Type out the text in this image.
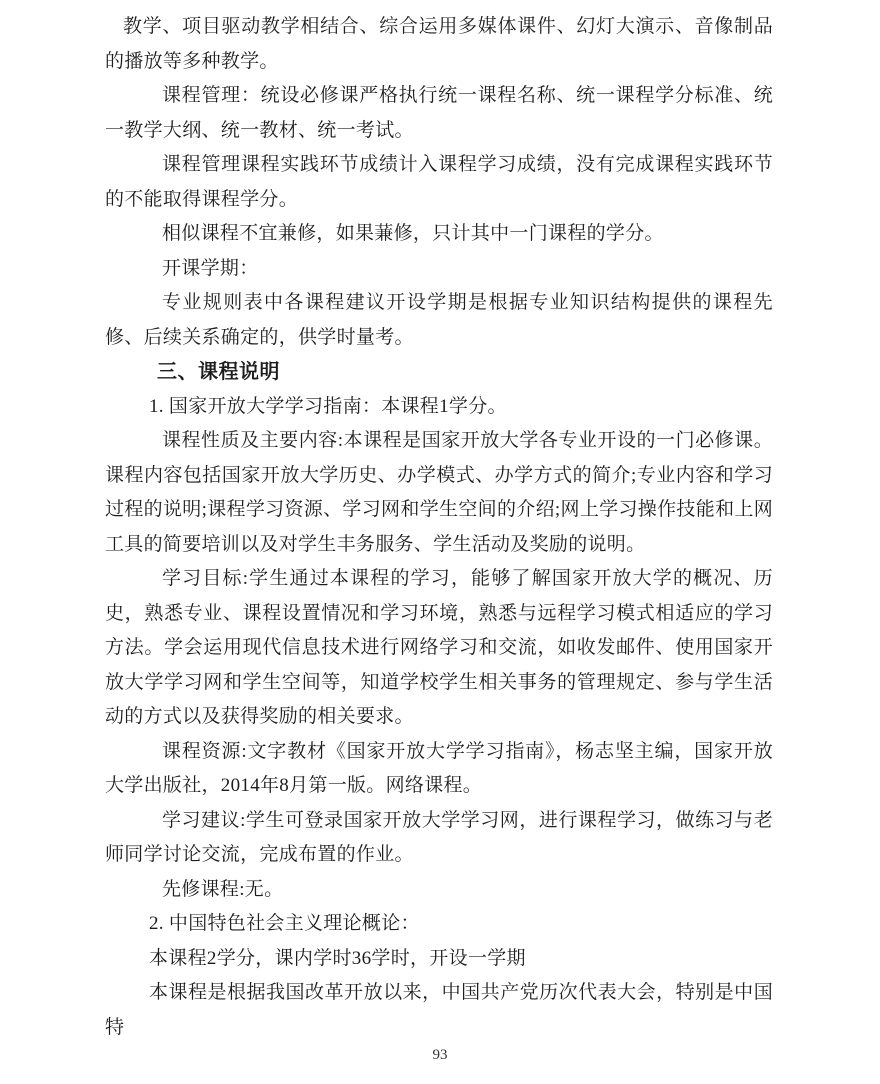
教学、项目驱动教学相结合、综合运用多媒体课件、幻灯大演示、音像制品的播放等多种教学。

课程管理：统设必修课严格执行统一课程名称、统一课程学分标准、统一教学大纲、统一教材、统一考试。

课程管理课程实践环节成绩计入课程学习成绩，没有完成课程实践环节的不能取得课程学分。

相似课程不宜兼修，如果蒹修，只计其中一门课程的学分。

开课学期：

专业规则表中各课程建议开设学期是根据专业知识结构提供的课程先修、后续关系确定的，供学时量考。

三、课程说明

1. 国家开放大学学习指南：本课程1学分。

课程性质及主要内容:本课程是国家开放大学各专业开设的一门必修课。课程内容包括国家开放大学历史、办学模式、办学方式的简介;专业内容和学习过程的说明;课程学习资源、学习网和学生空间的介绍;网上学习操作技能和上网工具的简要培训以及对学生丰务服务、学生活动及奖励的说明。

学习目标:学生通过本课程的学习，能够了解国家开放大学的概况、历史，熟悉专业、课程设置情况和学习环境，熟悉与远程学习模式相适应的学习方法。学会运用现代信息技术进行网络学习和交流，如收发邮件、使用国家开放大学学习网和学生空间等，知道学校学生相关事务的管理规定、参与学生活动的方式以及获得奖励的相关要求。

课程资源:文字教材《国家开放大学学习指南》，杨志坚主编，国家开放大学出版社，2014年8月第一版。网络课程。

学习建议:学生可登录国家开放大学学习网，进行课程学习，做练习与老师同学讨论交流，完成布置的作业。

先修课程:无。

2. 中国特色社会主义理论概论：

本课程2学分，课内学时36学时，开设一学期

本课程是根据我国改革开放以来，中国共产党历次代表大会，特别是中国特

93
